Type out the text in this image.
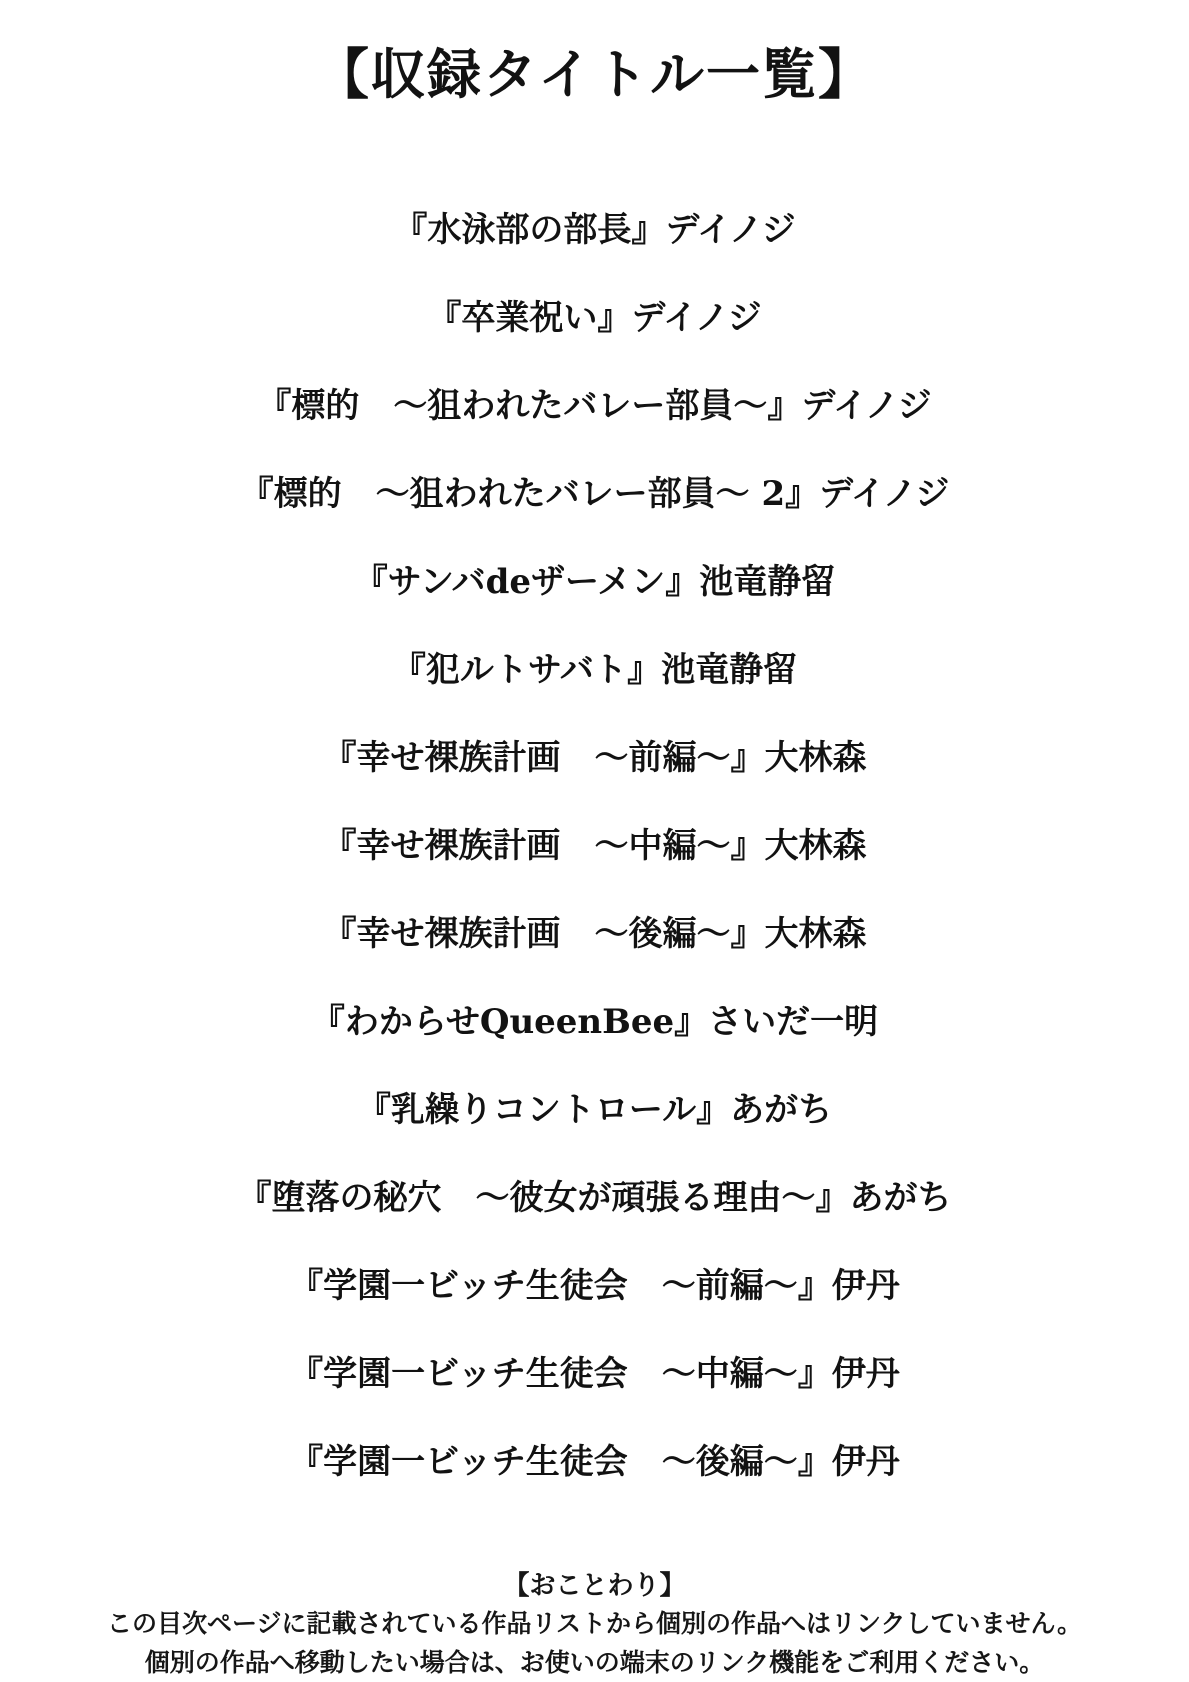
【収録タイトル一覧】
『水泳部の部長』デイノジ
『卒業祝い』デイノジ
『標的　～狙われたバレー部員～』デイノジ
『標的　～狙われたバレー部員～ 2』デイノジ
『サンバdeザーメン』池竜静留
『犯ルトサバト』池竜静留
『幸せ裸族計画　～前編～』大林森
『幸せ裸族計画　～中編～』大林森
『幸せ裸族計画　～後編～』大林森
『わからせQueenBee』さいだ一明
『乳繰りコントロール』あがち
『堕落の秘穴　～彼女が頑張る理由～』あがち
『学園一ビッチ生徒会　～前編～』伊丹
『学園一ビッチ生徒会　～中編～』伊丹
『学園一ビッチ生徒会　～後編～』伊丹
【おことわり】
この目次ページに記載されている作品リストから個別の作品へはリンクしていません。
個別の作品へ移動したい場合は、お使いの端末のリンク機能をご利用ください。
